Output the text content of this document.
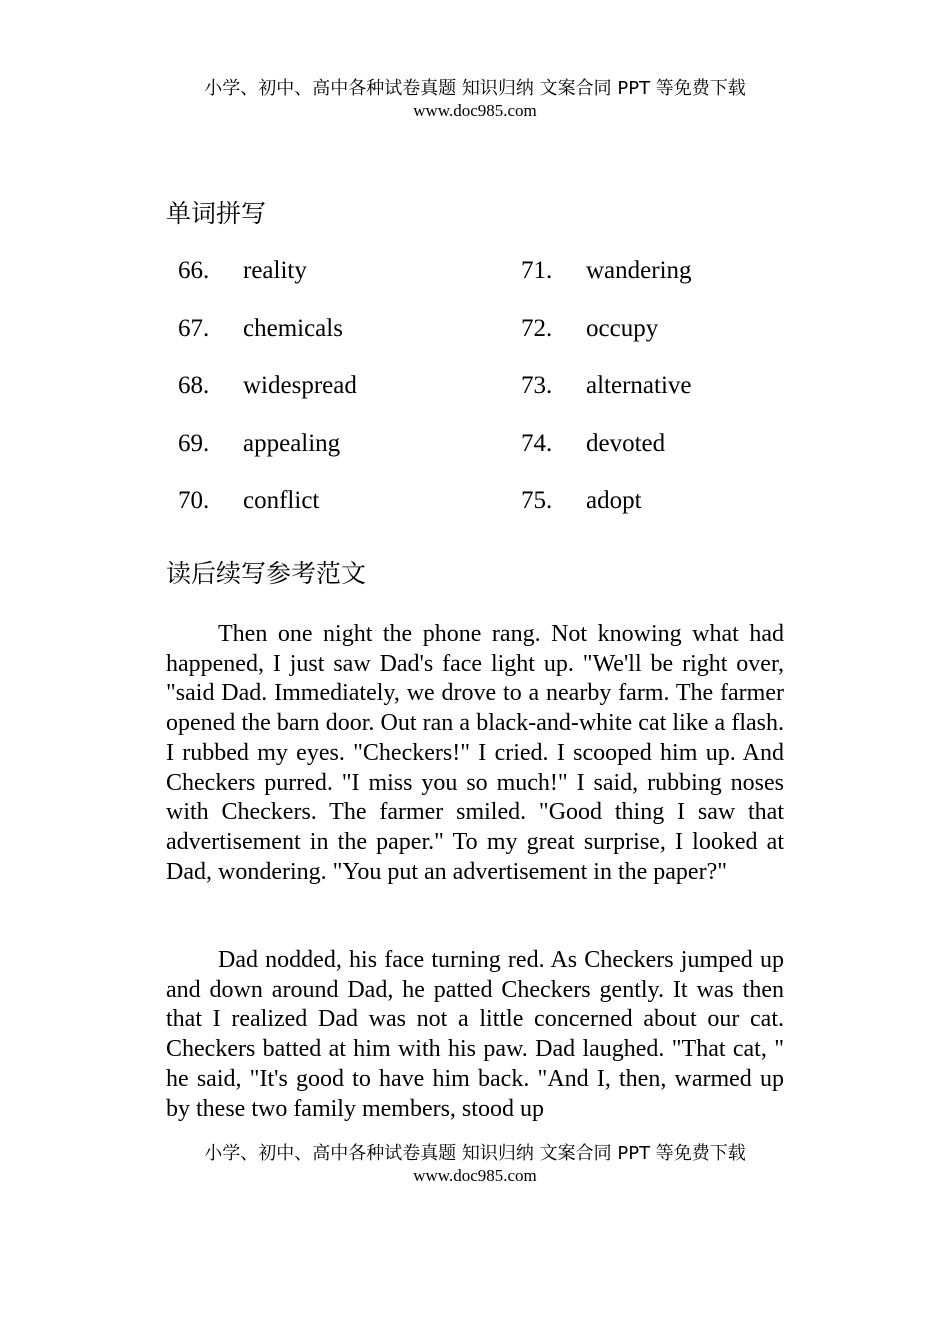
小学、初中、高中各种试卷真题 知识归纳 文案合同 PPT 等免费下载
www.doc985.com
单词拼写
66. reality	71. wandering
67. chemicals	72. occupy
68. widespread	73. alternative
69. appealing	74. devoted
70. conflict	75. adopt
读后续写参考范文

Then one night the phone rang. Not knowing what had happened, I just saw Dad's face light up. "We'll be right over, "said Dad. Immediately, we drove to a nearby farm. The farmer opened the barn door. Out ran a black-and-white cat like a flash. I rubbed my eyes. "Checkers!" I cried. I scooped him up. And Checkers purred. "I miss you so much!" I said, rubbing noses with Checkers. The farmer smiled. "Good thing I saw that advertisement in the paper." To my great surprise, I looked at Dad, wondering. "You put an advertisement in the paper?"

Dad nodded, his face turning red. As Checkers jumped up and down around Dad, he patted Checkers gently. It was then that I realized Dad was not a little concerned about our cat. Checkers batted at him with his paw. Dad laughed. "That cat, " he said, "It's good to have him back. "And I, then, warmed up by these two family members, stood up

小学、初中、高中各种试卷真题 知识归纳 文案合同 PPT 等免费下载
www.doc985.com
